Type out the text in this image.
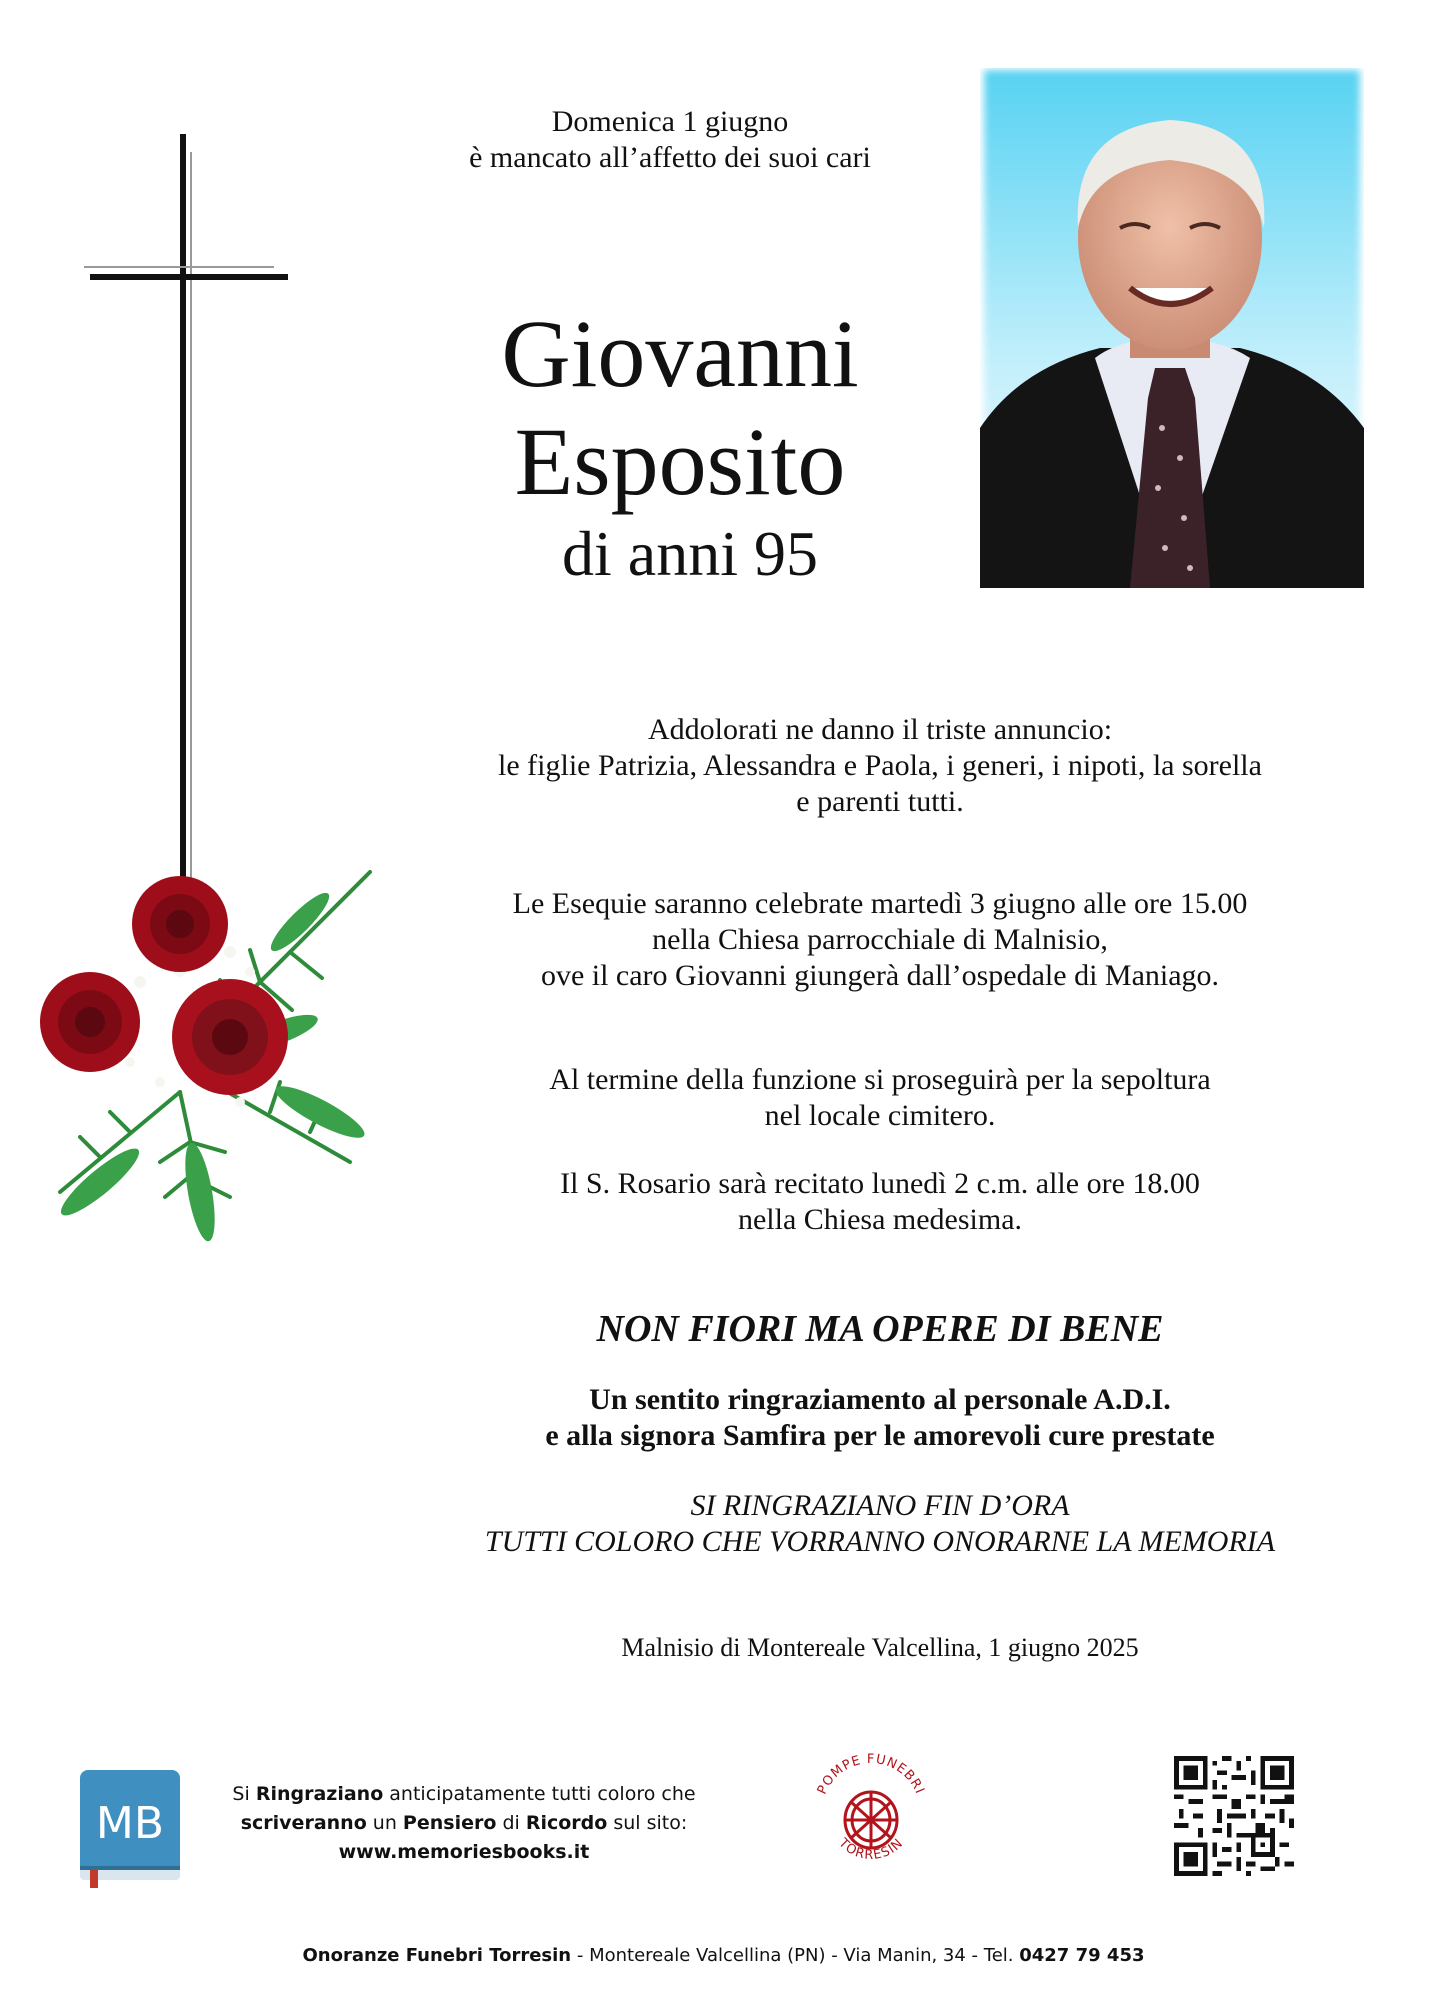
Domenica 1 giugno
è mancato all’affetto dei suoi cari
Giovanni
Esposito
di anni 95
Addolorati ne danno il triste annuncio:
le figlie Patrizia, Alessandra e Paola, i generi, i nipoti, la sorella
e parenti tutti.
Le Esequie saranno celebrate martedì 3 giugno alle ore 15.00
nella Chiesa parrocchiale di Malnisio,
ove il caro Giovanni giungerà dall’ospedale di Maniago.
Al termine della funzione si proseguirà per la sepoltura
nel locale cimitero.
Il S. Rosario sarà recitato lunedì 2 c.m. alle ore 18.00
nella Chiesa medesima.
NON FIORI MA OPERE DI BENE
Un sentito ringraziamento al personale A.D.I.
e alla signora Samfira per le amorevoli cure prestate
SI RINGRAZIANO FIN D’ORA
TUTTI COLORO CHE VORRANNO ONORARNE LA MEMORIA
Malnisio di Montereale Valcellina, 1 giugno 2025
MB
Si Ringraziano anticipatamente tutti coloro che
scriveranno un Pensiero di Ricordo sul sito:
www.memoriesbooks.it
POMPE FUNEBRI
TORRESIN
Onoranze Funebri Torresin - Montereale Valcellina (PN) - Via Manin, 34 - Tel. 0427 79 453
